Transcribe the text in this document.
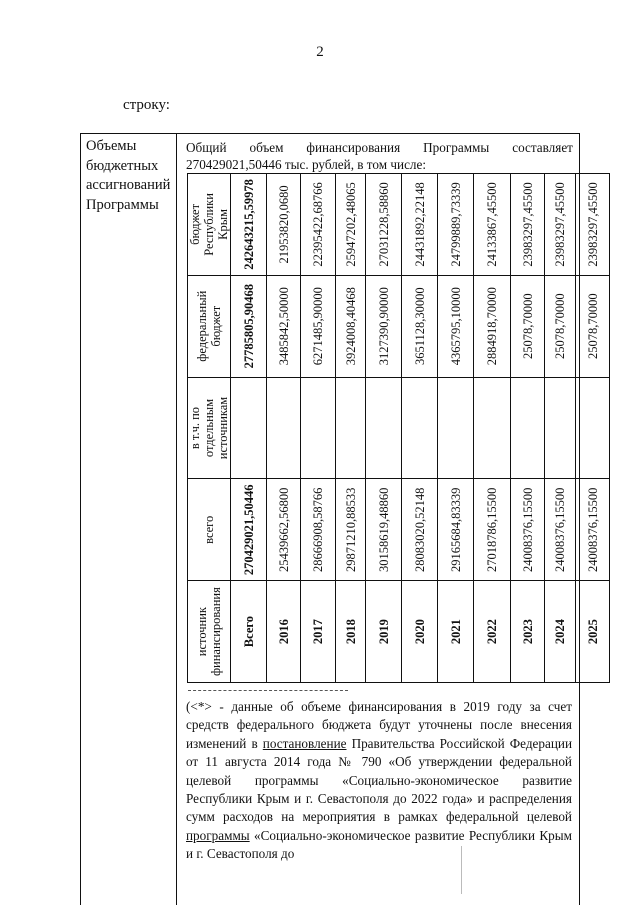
2
строку:
Объемы
бюджетных
ассигнований
Программы
Общий объем финансирования Программы составляет
270429021,50446 тыс. рублей, в том числе:
источник финансирования	всего	в т.ч. по отдельным источникам	федеральный бюджет	бюджет Республики Крым
Всего	270429021,50446		27785805,90468	242643215,59978
2016	25439662,56800		3485842,50000	21953820,0680
2017	28666908,58766		6271485,90000	22395422,68766
2018	29871210,88533		3924008,40468	25947202,48065
2019	30158619,48860		3127390,90000	27031228,58860
2020	28083020,52148		3651128,30000	24431892,22148
2021	29165684,83339		4365795,10000	24799889,73339
2022	27018786,15500		2884918,70000	24133867,45500
2023	24008376,15500		25078,70000	23983297,45500
2024	24008376,15500		25078,70000	23983297,45500
2025	24008376,15500		25078,70000	23983297,45500
(<*> - данные об объеме финансирования в 2019 году за счет средств федерального бюджета будут уточнены после внесения изменений в постановление Правительства Российской Федерации от 11 августа 2014 года № 790 «Об утверждении федеральной целевой программы «Социально-экономическое развитие Республики Крым и г. Севастополя до 2022 года» и распределения сумм расходов на мероприятия в рамках федеральной целевой программы «Социально-экономическое развитие Республики Крым и г. Севастополя до
